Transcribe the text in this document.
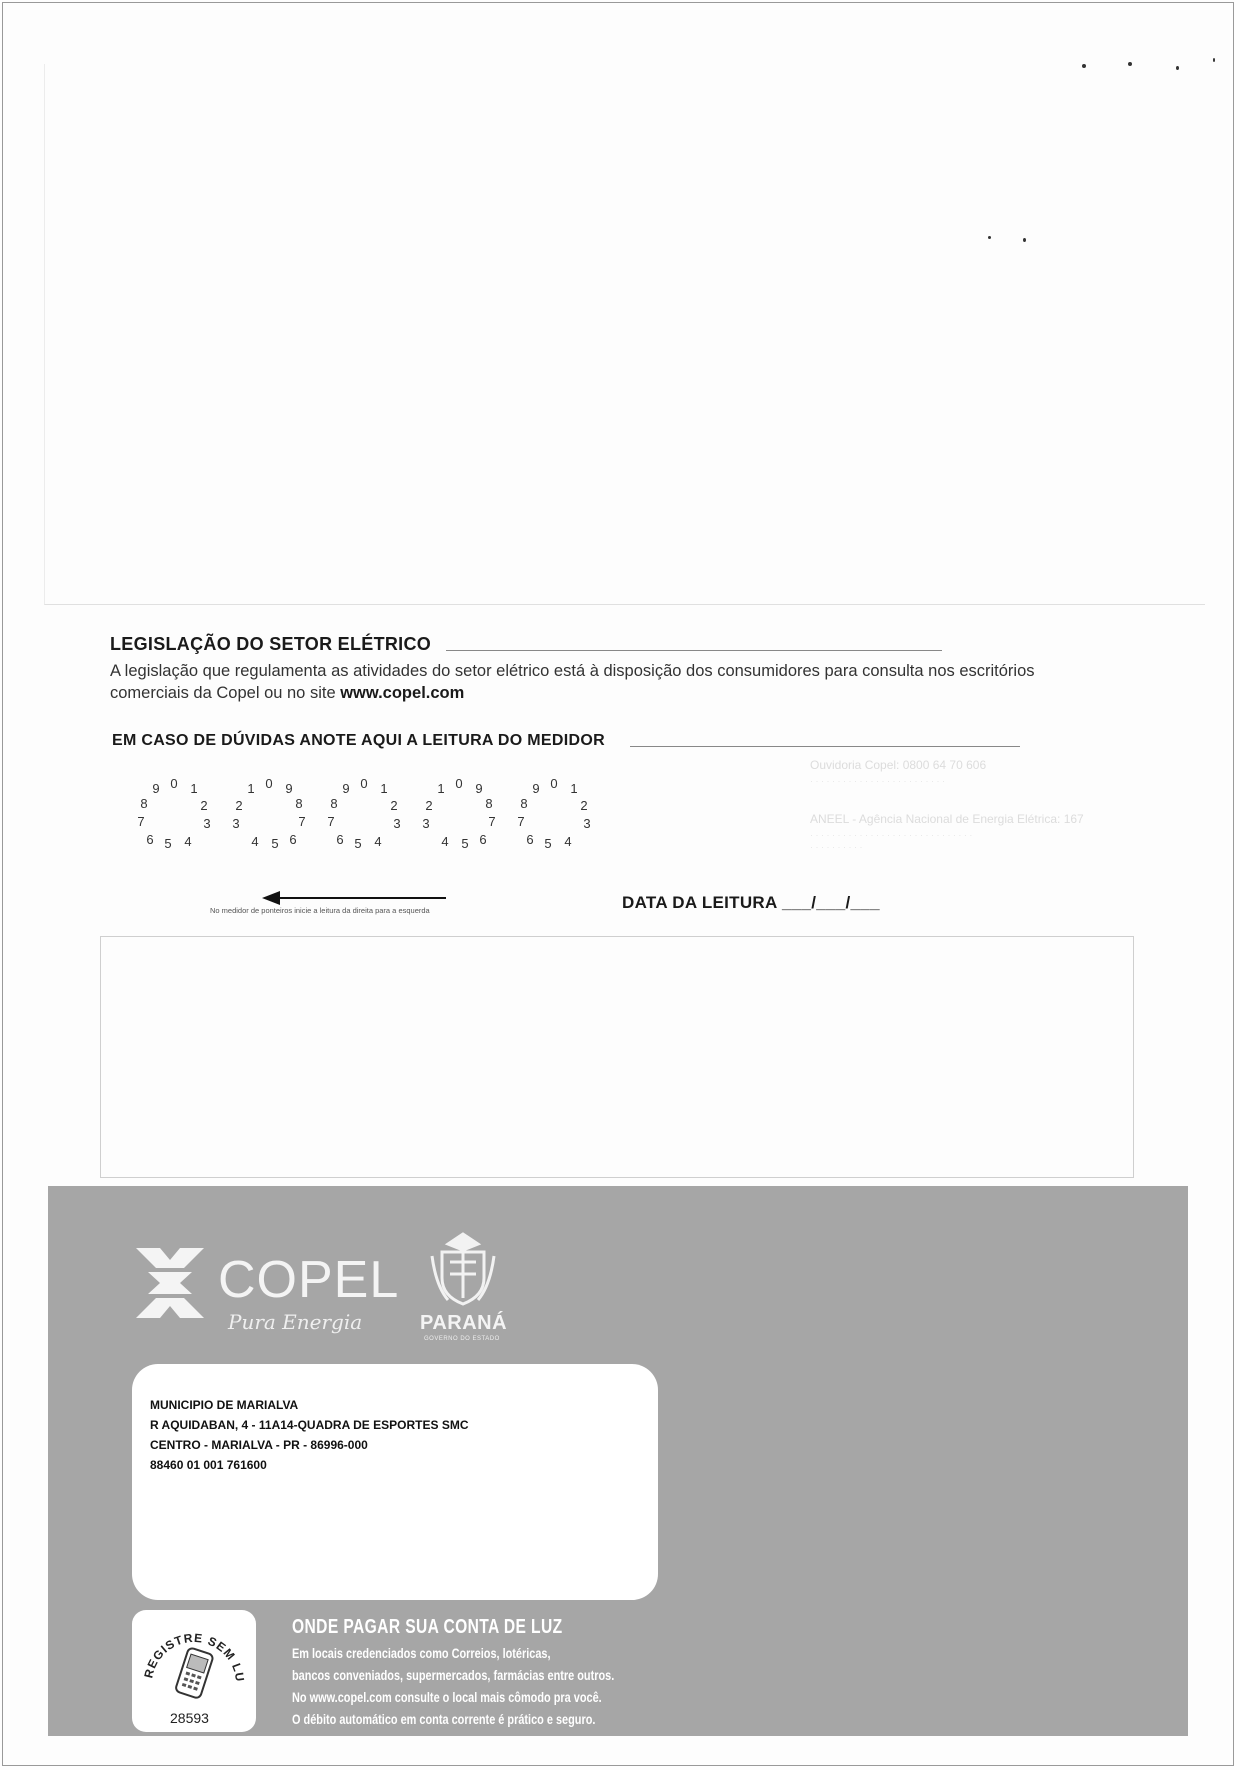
LEGISLAÇÃO DO SETOR ELÉTRICO
A legislação que regulamenta as atividades do setor elétrico está à disposição dos consumidores para consulta nos escritórios comerciais da Copel ou no site www.copel.com
EM CASO DE DÚVIDAS ANOTE AQUI A LEITURA DO MEDIDOR
Ouvidoria Copel: 0800 64 70 606
· · · · · · · · · · · · · · · · · · · · · · · · ·
ANEEL - Agência Nacional de Energia Elétrica: 167
· · · · · · · · · · · · · · · · · · · · · · · · · · · · · ·
· · · · · · · · · ·
0
9 1
8	2
7	3
6 5 4
0
1 9
2	8
3	7
4 5 6
0
9 1
8	2
7	3
6 5 4
0
1 9
2	8
3	7
4 5 6
0
9 1
8	2
7	3
6 5 4
No medidor de ponteiros inicie a leitura da direita para a esquerda	DATA DA LEITURA ___/___/___
COPEL
Pura Energia	PARANÁ
GOVERNO DO ESTADO
MUNICIPIO DE MARIALVA
R AQUIDABAN, 4 - 11A14-QUADRA DE ESPORTES SMC
CENTRO - MARIALVA - PR - 86996-000
88460 01 001 761600
REGISTRE SEM LU
28593
ONDE PAGAR SUA CONTA DE LUZ
Em locais credenciados como Correios, lotéricas,
bancos conveniados, supermercados, farmácias entre outros.
No www.copel.com consulte o local mais cômodo pra você.
O débito automático em conta corrente é prático e seguro.
